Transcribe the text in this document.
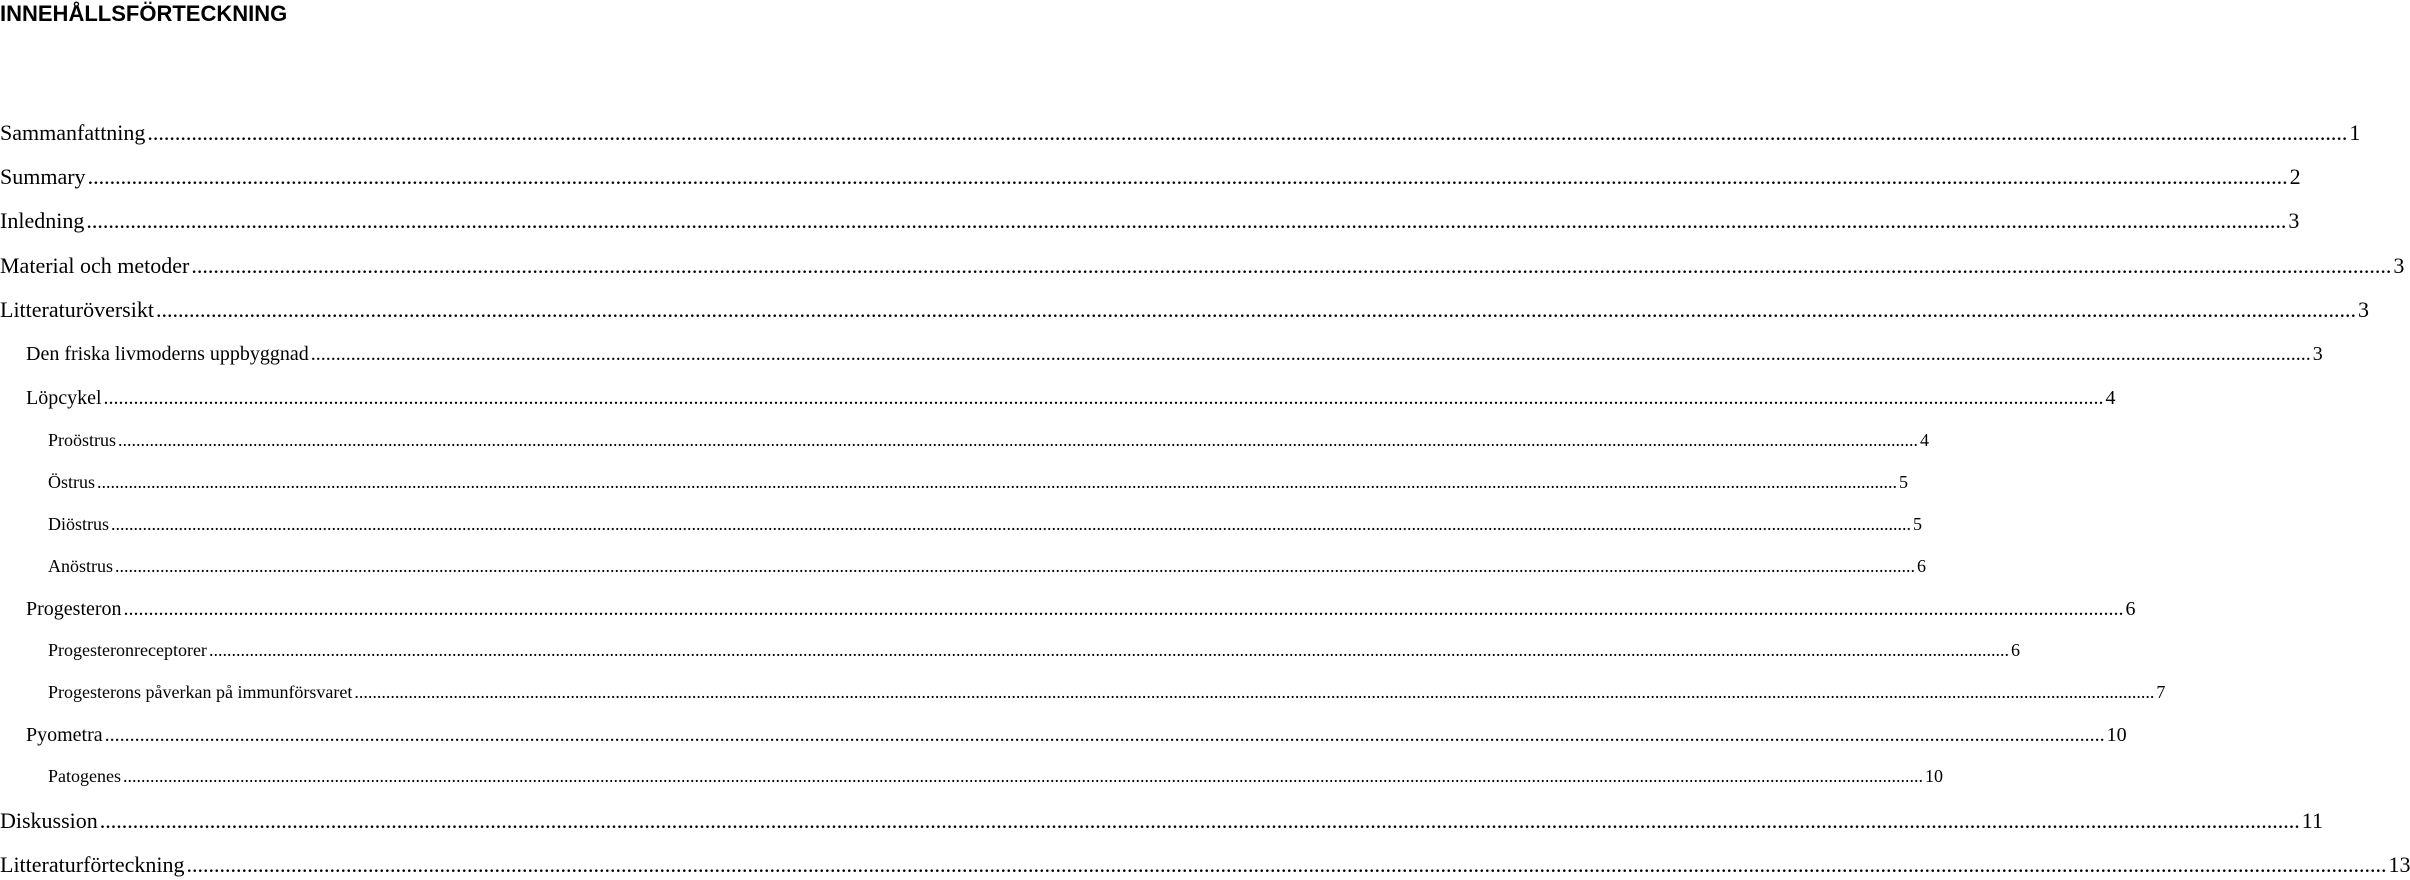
INNEHÅLLSFÖRTECKNING
Sammanfattning ................................................................................................................................................................................................................................................................................................................................................................................................................ 1
Summary ................................................................................................................................................................................................................................................................................................................................................................................................................ 2
Inledning ................................................................................................................................................................................................................................................................................................................................................................................................................ 3
Material och metoder ................................................................................................................................................................................................................................................................................................................................................................................................................ 3
Litteraturöversikt ................................................................................................................................................................................................................................................................................................................................................................................................................ 3
Den friska livmoderns uppbyggnad ................................................................................................................................................................................................................................................................................................................................................................................................................ 3
Löpcykel ................................................................................................................................................................................................................................................................................................................................................................................................................ 4
Proöstrus ................................................................................................................................................................................................................................................................................................................................................................................................................ 4
Östrus ................................................................................................................................................................................................................................................................................................................................................................................................................ 5
Diöstrus ................................................................................................................................................................................................................................................................................................................................................................................................................ 5
Anöstrus ................................................................................................................................................................................................................................................................................................................................................................................................................ 6
Progesteron ................................................................................................................................................................................................................................................................................................................................................................................................................ 6
Progesteronreceptorer ................................................................................................................................................................................................................................................................................................................................................................................................................ 6
Progesterons påverkan på immunförsvaret ................................................................................................................................................................................................................................................................................................................................................................................................................ 7
Pyometra ................................................................................................................................................................................................................................................................................................................................................................................................................ 10
Patogenes ................................................................................................................................................................................................................................................................................................................................................................................................................ 10
Diskussion ................................................................................................................................................................................................................................................................................................................................................................................................................ 11
Litteraturförteckning ................................................................................................................................................................................................................................................................................................................................................................................................................ 13
